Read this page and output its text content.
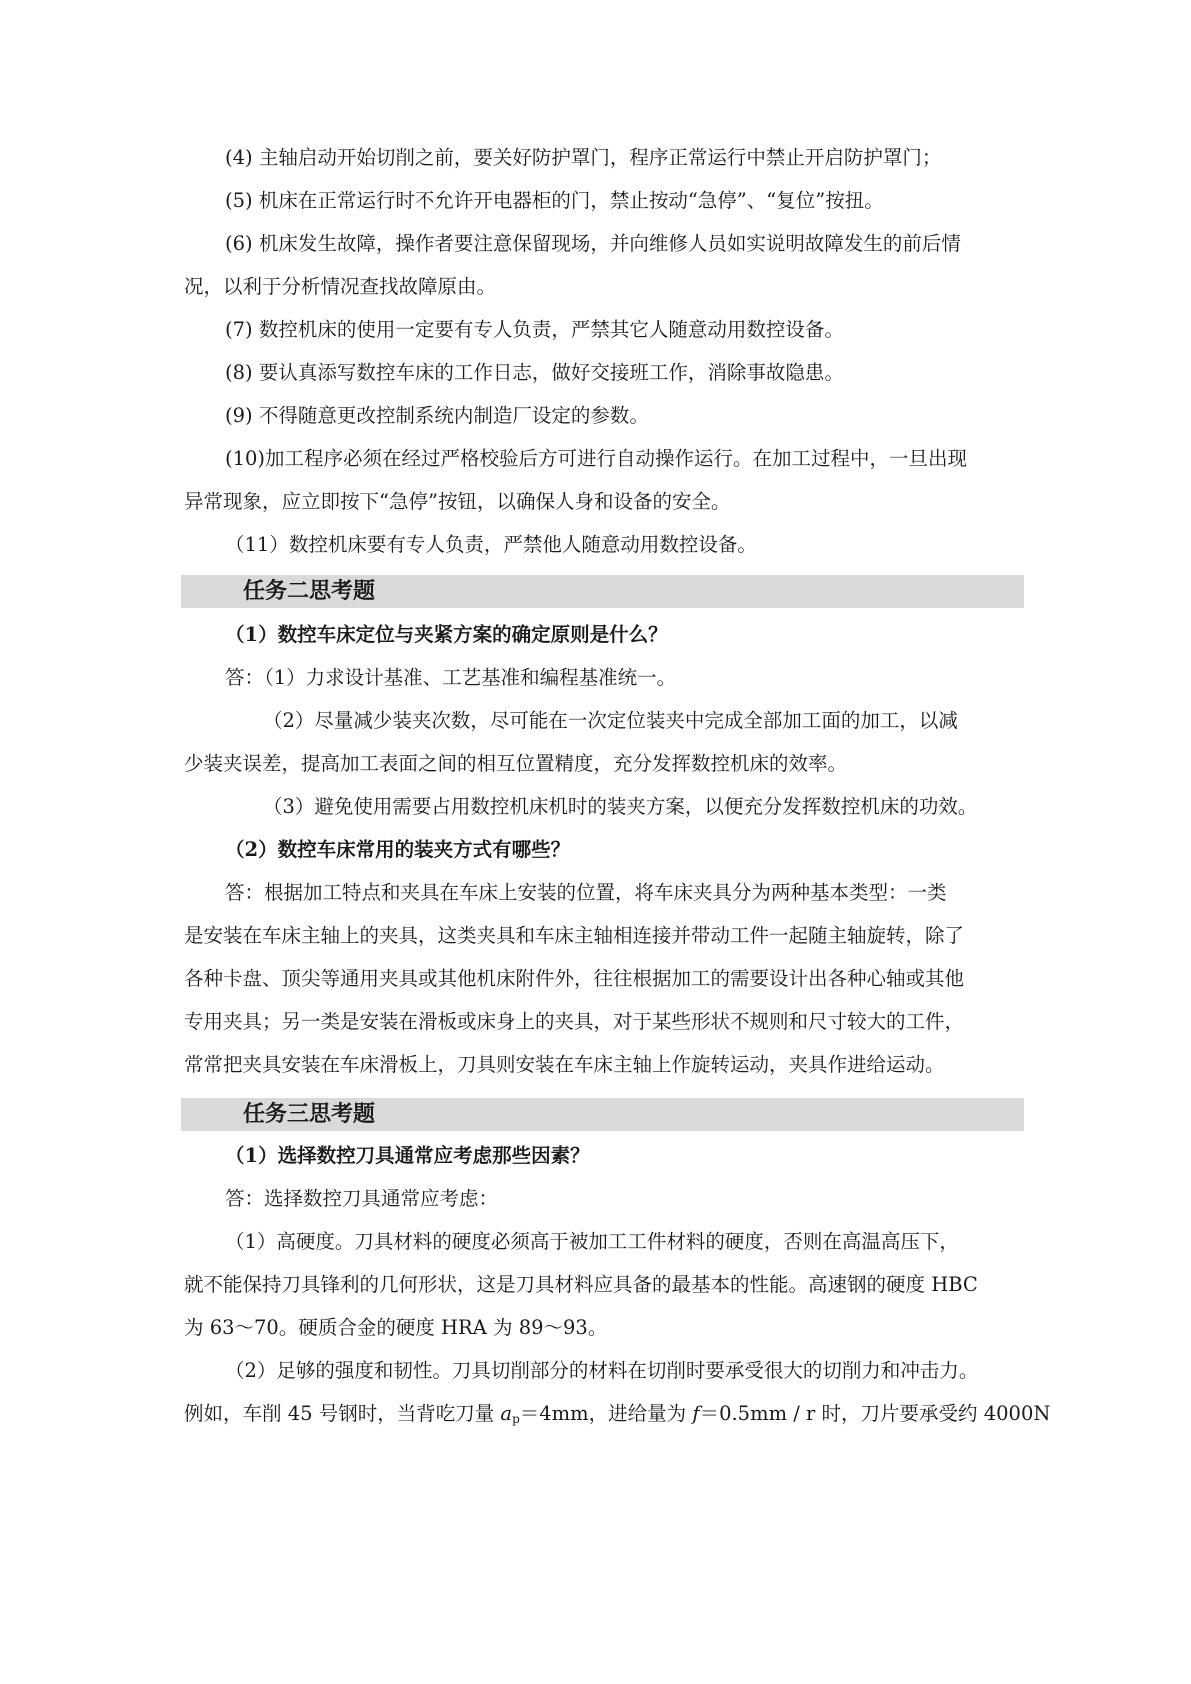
(4) 主轴启动开始切削之前，要关好防护罩门，程序正常运行中禁止开启防护罩门；
(5) 机床在正常运行时不允许开电器柜的门，禁止按动“急停”、“复位”按扭。
(6) 机床发生故障，操作者要注意保留现场，并向维修人员如实说明故障发生的前后情
况，以利于分析情况查找故障原由。
(7) 数控机床的使用一定要有专人负责，严禁其它人随意动用数控设备。
(8) 要认真添写数控车床的工作日志，做好交接班工作，消除事故隐患。
(9) 不得随意更改控制系统内制造厂设定的参数。
(10)加工程序必须在经过严格校验后方可进行自动操作运行。在加工过程中，一旦出现
异常现象，应立即按下“急停”按钮，以确保人身和设备的安全。
（11）数控机床要有专人负责，严禁他人随意动用数控设备。
任务二思考题
（1）数控车床定位与夹紧方案的确定原则是什么？
答：（1）力求设计基准、工艺基准和编程基准统一。
（2）尽量减少装夹次数，尽可能在一次定位装夹中完成全部加工面的加工，以减
少装夹误差，提高加工表面之间的相互位置精度，充分发挥数控机床的效率。
（3）避免使用需要占用数控机床机时的装夹方案，以便充分发挥数控机床的功效。
（2）数控车床常用的装夹方式有哪些？
答：根据加工特点和夹具在车床上安装的位置，将车床夹具分为两种基本类型：一类
是安装在车床主轴上的夹具，这类夹具和车床主轴相连接并带动工件一起随主轴旋转，除了
各种卡盘、顶尖等通用夹具或其他机床附件外，往往根据加工的需要设计出各种心轴或其他
专用夹具；另一类是安装在滑板或床身上的夹具，对于某些形状不规则和尺寸较大的工件，
常常把夹具安装在车床滑板上，刀具则安装在车床主轴上作旋转运动，夹具作进给运动。
任务三思考题
（1）选择数控刀具通常应考虑那些因素？
答：选择数控刀具通常应考虑：
（1）高硬度。刀具材料的硬度必须高于被加工工件材料的硬度，否则在高温高压下，
就不能保持刀具锋利的几何形状，这是刀具材料应具备的最基本的性能。高速钢的硬度 HBC
为 63～70。硬质合金的硬度 HRA 为 89～93。
（2）足够的强度和韧性。刀具切削部分的材料在切削时要承受很大的切削力和冲击力。
例如，车削 45 号钢时，当背吃刀量 $a_p=4mm$，进给量为 f＝0.5mm / r 时，刀片要承受约 4000N
